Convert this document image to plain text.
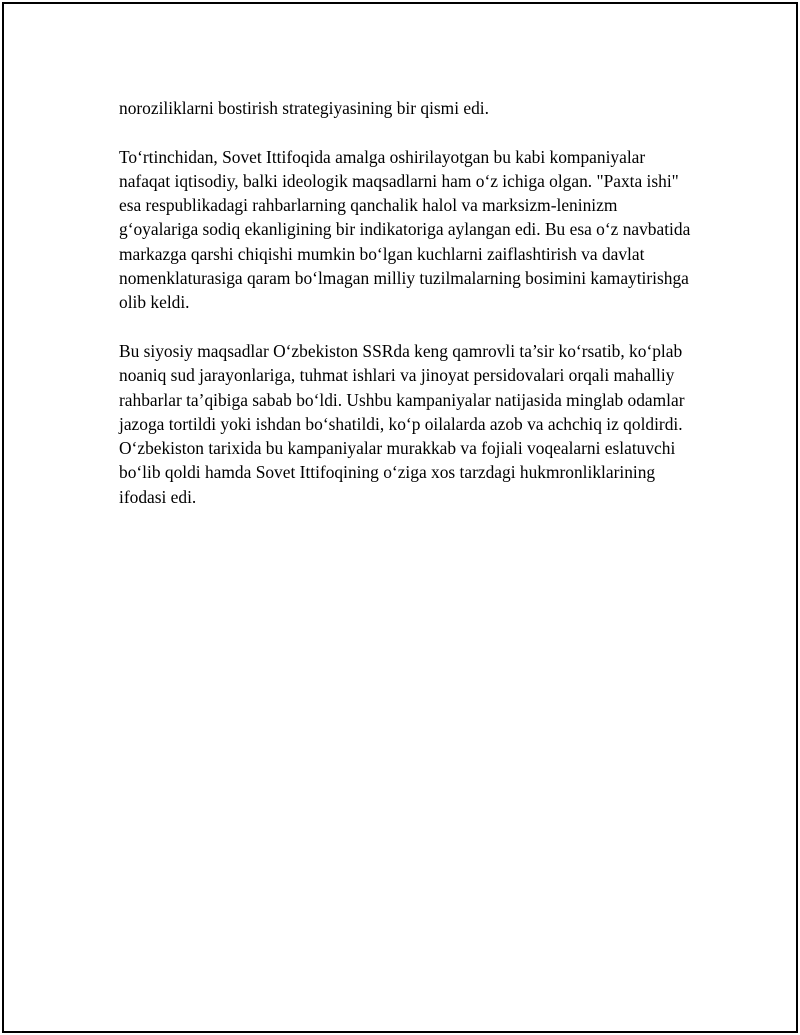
noroziliklarni bostirish strategiyasining bir qismi edi.

To‘rtinchidan, Sovet Ittifoqida amalga oshirilayotgan bu kabi kompaniyalar nafaqat iqtisodiy, balki ideologik maqsadlarni ham o‘z ichiga olgan. "Paxta ishi" esa respublikadagi rahbarlarning qanchalik halol va marksizm-leninizm g‘oyalariga sodiq ekanligining bir indikatoriga aylangan edi. Bu esa o‘z navbatida markazga qarshi chiqishi mumkin bo‘lgan kuchlarni zaiflashtirish va davlat nomenklaturasiga qaram bo‘lmagan milliy tuzilmalarning bosimini kamaytirishga olib keldi.

Bu siyosiy maqsadlar O‘zbekiston SSRda keng qamrovli ta’sir ko‘rsatib, ko‘plab noaniq sud jarayonlariga, tuhmat ishlari va jinoyat persidovalari orqali mahalliy rahbarlar ta’qibiga sabab bo‘ldi. Ushbu kampaniyalar natijasida minglab odamlar jazoga tortildi yoki ishdan bo‘shatildi, ko‘p oilalarda azob va achchiq iz qoldirdi. O‘zbekiston tarixida bu kampaniyalar murakkab va fojiali voqealarni eslatuvchi bo‘lib qoldi hamda Sovet Ittifoqining o‘ziga xos tarzdagi hukmronliklarining ifodasi edi.
